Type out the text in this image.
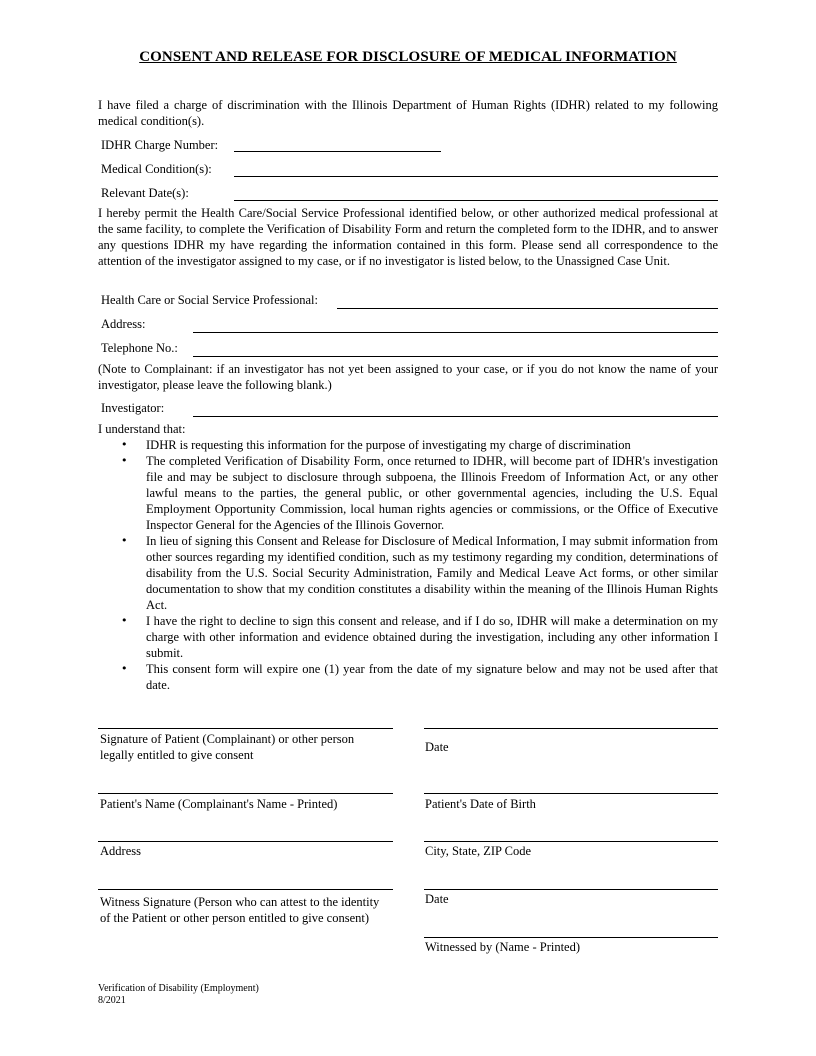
CONSENT AND RELEASE FOR DISCLOSURE OF MEDICAL INFORMATION
I have filed a charge of discrimination with the Illinois Department of Human Rights (IDHR) related to my following medical condition(s).
IDHR Charge Number:
Medical Condition(s):
Relevant Date(s):
I hereby permit the Health Care/Social Service Professional identified below, or other authorized medical professional at the same facility, to complete the Verification of Disability Form and return the completed form to the IDHR, and to answer any questions IDHR my have regarding the information contained in this form. Please send all correspondence to the attention of the investigator assigned to my case, or if no investigator is listed below, to the Unassigned Case Unit.
Health Care or Social Service Professional:
Address:
Telephone No.:
(Note to Complainant: if an investigator has not yet been assigned to your case, or if you do not know the name of your investigator, please leave the following blank.)
Investigator:
I understand that:
• IDHR is requesting this information for the purpose of investigating my charge of discrimination
• The completed Verification of Disability Form, once returned to IDHR, will become part of IDHR's investigation file and may be subject to disclosure through subpoena, the Illinois Freedom of Information Act, or any other lawful means to the parties, the general public, or other governmental agencies, including the U.S. Equal Employment Opportunity Commission, local human rights agencies or commissions, or the Office of Executive Inspector General for the Agencies of the Illinois Governor.
• In lieu of signing this Consent and Release for Disclosure of Medical Information, I may submit information from other sources regarding my identified condition, such as my testimony regarding my condition, determinations of disability from the U.S. Social Security Administration, Family and Medical Leave Act forms, or other similar documentation to show that my condition constitutes a disability within the meaning of the Illinois Human Rights Act.
• I have the right to decline to sign this consent and release, and if I do so, IDHR will make a determination on my charge with other information and evidence obtained during the investigation, including any other information I submit.
• This consent form will expire one (1) year from the date of my signature below and may not be used after that date.
Signature of Patient (Complainant) or other person legally entitled to give consent
Patient's Name (Complainant's Name - Printed)
Address
Witness Signature (Person who can attest to the identity of the Patient or other person entitled to give consent)
Date
Patient's Date of Birth
City, State, ZIP Code
Date
Witnessed by (Name - Printed)
Verification of Disability (Employment)
8/2021
